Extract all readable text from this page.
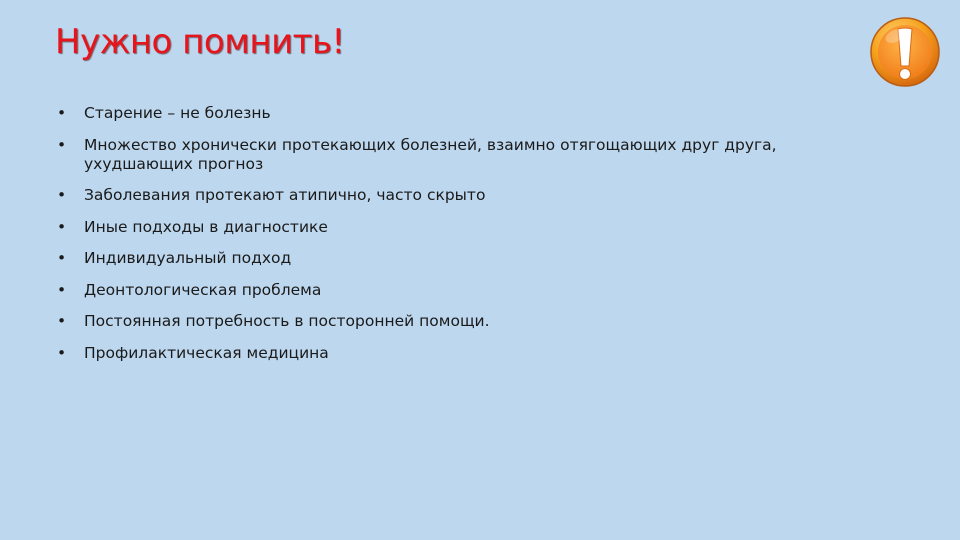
Нужно помнить!
• Старение – не болезнь
• Множество хронически протекающих болезней, взаимно отягощающих друг друга, ухудшающих прогноз
• Заболевания протекают атипично, часто скрыто
• Иные подходы в диагностике
• Индивидуальный подход
• Деонтологическая проблема
• Постоянная потребность в посторонней помощи.
• Профилактическая медицина
